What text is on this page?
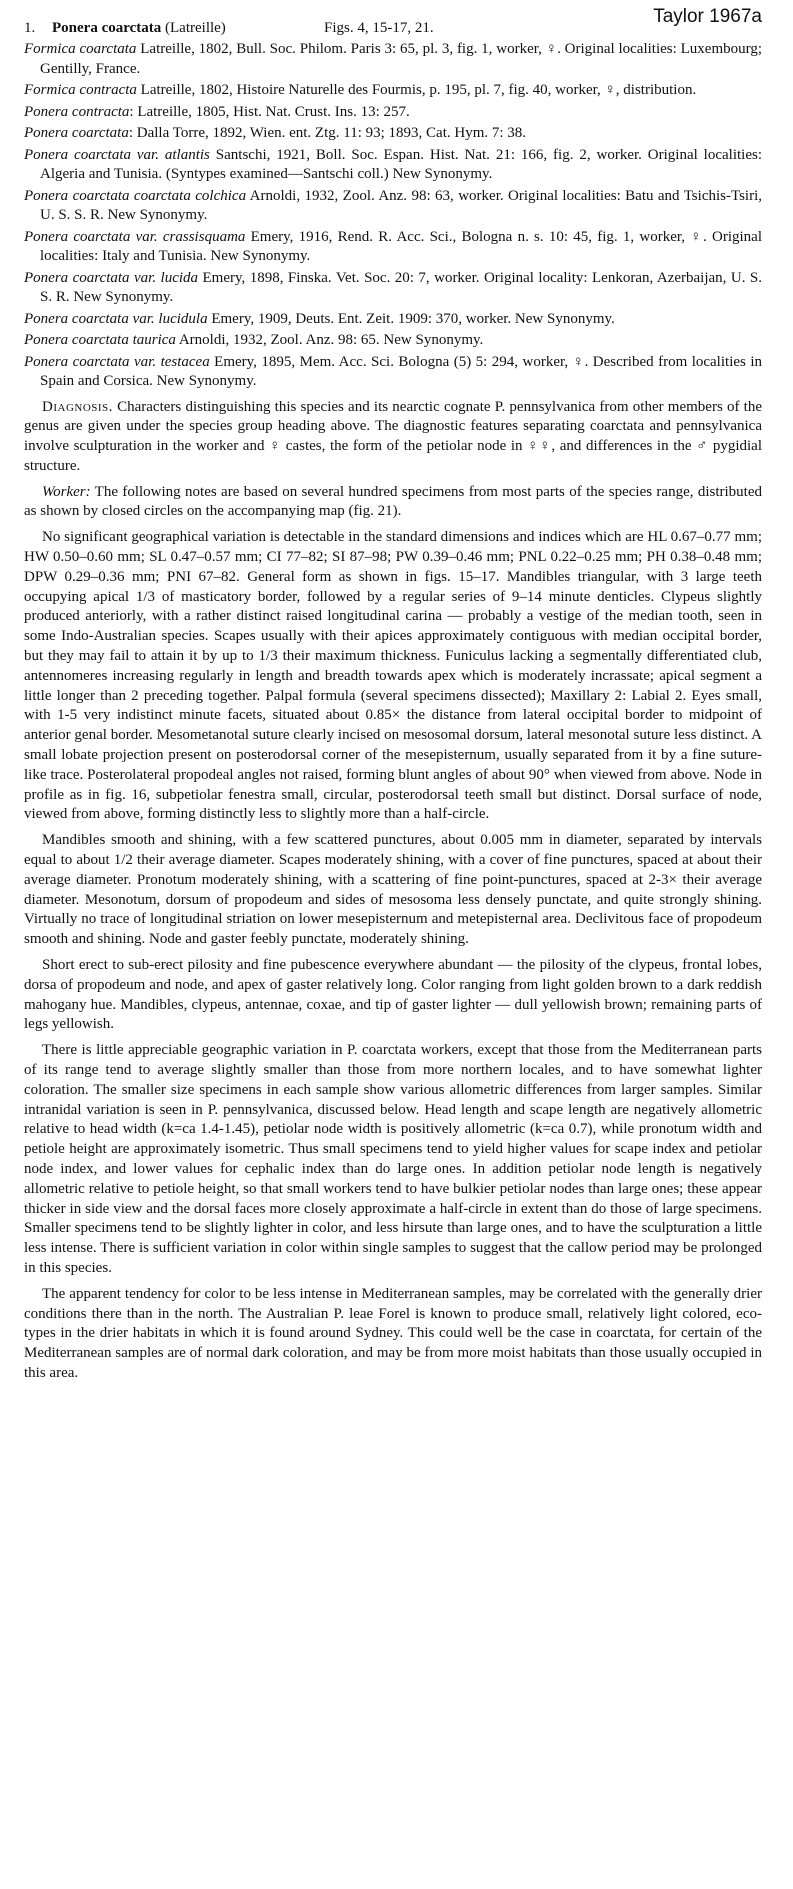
1. Ponera coarctata (Latreille)	Figs. 4, 15-17, 21.
Taylor 1967a

Formica coarctata Latreille, 1802, Bull. Soc. Philom. Paris 3: 65, pl. 3, fig. 1, worker, ♀. Original localities: Luxembourg; Gentilly, France.

Formica contracta Latreille, 1802, Histoire Naturelle des Fourmis, p. 195, pl. 7, fig. 40, worker, ♀, distribution.

Ponera contracta: Latreille, 1805, Hist. Nat. Crust. Ins. 13: 257.

Ponera coarctata: Dalla Torre, 1892, Wien. ent. Ztg. 11: 93; 1893, Cat. Hym. 7: 38.

Ponera coarctata var. atlantis Santschi, 1921, Boll. Soc. Espan. Hist. Nat. 21: 166, fig. 2, worker. Original localities: Algeria and Tunisia. (Syntypes examined—Santschi coll.) New Synonymy.

Ponera coarctata coarctata colchica Arnoldi, 1932, Zool. Anz. 98: 63, worker. Original localities: Batu and Tsichis-Tsiri, U. S. S. R. New Synonymy.

Ponera coarctata var. crassisquama Emery, 1916, Rend. R. Acc. Sci., Bologna n. s. 10: 45, fig. 1, worker, ♀. Original localities: Italy and Tunisia. New Synonymy.

Ponera coarctata var. lucida Emery, 1898, Finska. Vet. Soc. 20: 7, worker. Original locality: Lenkoran, Azerbaijan, U. S. S. R. New Synonymy.

Ponera coarctata var. lucidula Emery, 1909, Deuts. Ent. Zeit. 1909: 370, worker. New Synonymy.

Ponera coarctata taurica Arnoldi, 1932, Zool. Anz. 98: 65. New Synonymy.

Ponera coarctata var. testacea Emery, 1895, Mem. Acc. Sci. Bologna (5) 5: 294, worker, ♀. Described from localities in Spain and Corsica. New Synonymy.

Diagnosis. Characters distinguishing this species and its nearctic cognate P. pennsylvanica from other members of the genus are given under the species group heading above. The diagnostic features separating coarctata and pennsylvanica involve sculpturation in the worker and ♀ castes, the form of the petiolar node in ♀♀, and differences in the ♂ pygidial structure.

Worker: The following notes are based on several hundred specimens from most parts of the species range, distributed as shown by closed circles on the accompanying map (fig. 21).

No significant geographical variation is detectable in the standard dimensions and indices which are HL 0.67–0.77 mm; HW 0.50–0.60 mm; SL 0.47–0.57 mm; CI 77–82; SI 87–98; PW 0.39–0.46 mm; PNL 0.22–0.25 mm; PH 0.38–0.48 mm; DPW 0.29–0.36 mm; PNI 67–82. General form as shown in figs. 15–17. Mandibles triangular, with 3 large teeth occupying apical 1/3 of masticatory border, followed by a regular series of 9–14 minute denticles. Clypeus slightly produced anteriorly, with a rather distinct raised longitudinal carina — probably a vestige of the median tooth, seen in some Indo-Australian species. Scapes usually with their apices approximately contiguous with median occipital border, but they may fail to attain it by up to 1/3 their maximum thickness. Funiculus lacking a segmentally differentiated club, antennomeres increasing regularly in length and breadth towards apex which is moderately incrassate; apical segment a little longer than 2 preceding together. Palpal formula (several specimens dissected); Maxillary 2: Labial 2. Eyes small, with 1-5 very indistinct minute facets, situated about 0.85× the distance from lateral occipital border to midpoint of anterior genal border. Mesometanotal suture clearly incised on mesosomal dorsum, lateral mesonotal suture less distinct. A small lobate projection present on posterodorsal corner of the mesepisternum, usually separated from it by a fine suture-like trace. Posterolateral propodeal angles not raised, forming blunt angles of about 90° when viewed from above. Node in profile as in fig. 16, subpetiolar fenestra small, circular, posterodorsal teeth small but distinct. Dorsal surface of node, viewed from above, forming distinctly less to slightly more than a half-circle.

Mandibles smooth and shining, with a few scattered punctures, about 0.005 mm in diameter, separated by intervals equal to about 1/2 their average diameter. Scapes moderately shining, with a cover of fine punctures, spaced at about their average diameter. Pronotum moderately shining, with a scattering of fine point-punctures, spaced at 2-3× their average diameter. Mesonotum, dorsum of propodeum and sides of mesosoma less densely punctate, and quite strongly shining. Virtually no trace of longitudinal striation on lower mesepisternum and metepisternal area. Declivitous face of propodeum smooth and shining. Node and gaster feebly punctate, moderately shining.

Short erect to sub-erect pilosity and fine pubescence everywhere abundant — the pilosity of the clypeus, frontal lobes, dorsa of propodeum and node, and apex of gaster relatively long. Color ranging from light golden brown to a dark reddish mahogany hue. Mandibles, clypeus, antennae, coxae, and tip of gaster lighter — dull yellowish brown; remaining parts of legs yellowish.

There is little appreciable geographic variation in P. coarctata workers, except that those from the Mediterranean parts of its range tend to average slightly smaller than those from more northern locales, and to have somewhat lighter coloration. The smaller size specimens in each sample show various allometric differences from larger samples. Similar intranidal variation is seen in P. pennsylvanica, discussed below. Head length and scape length are negatively allometric relative to head width (k=ca 1.4-1.45), petiolar node width is positively allometric (k=ca 0.7), while pronotum width and petiole height are approximately isometric. Thus small specimens tend to yield higher values for scape index and petiolar node index, and lower values for cephalic index than do large ones. In addition petiolar node length is negatively allometric relative to petiole height, so that small workers tend to have bulkier petiolar nodes than large ones; these appear thicker in side view and the dorsal faces more closely approximate a half-circle in extent than do those of large specimens. Smaller specimens tend to be slightly lighter in color, and less hirsute than large ones, and to have the sculpturation a little less intense. There is sufficient variation in color within single samples to suggest that the callow period may be prolonged in this species.

The apparent tendency for color to be less intense in Mediterranean samples, may be correlated with the generally drier conditions there than in the north. The Australian P. leae Forel is known to produce small, relatively light colored, eco-types in the drier habitats in which it is found around Sydney. This could well be the case in coarctata, for certain of the Mediterranean samples are of normal dark coloration, and may be from more moist habitats than those usually occupied in this area.
